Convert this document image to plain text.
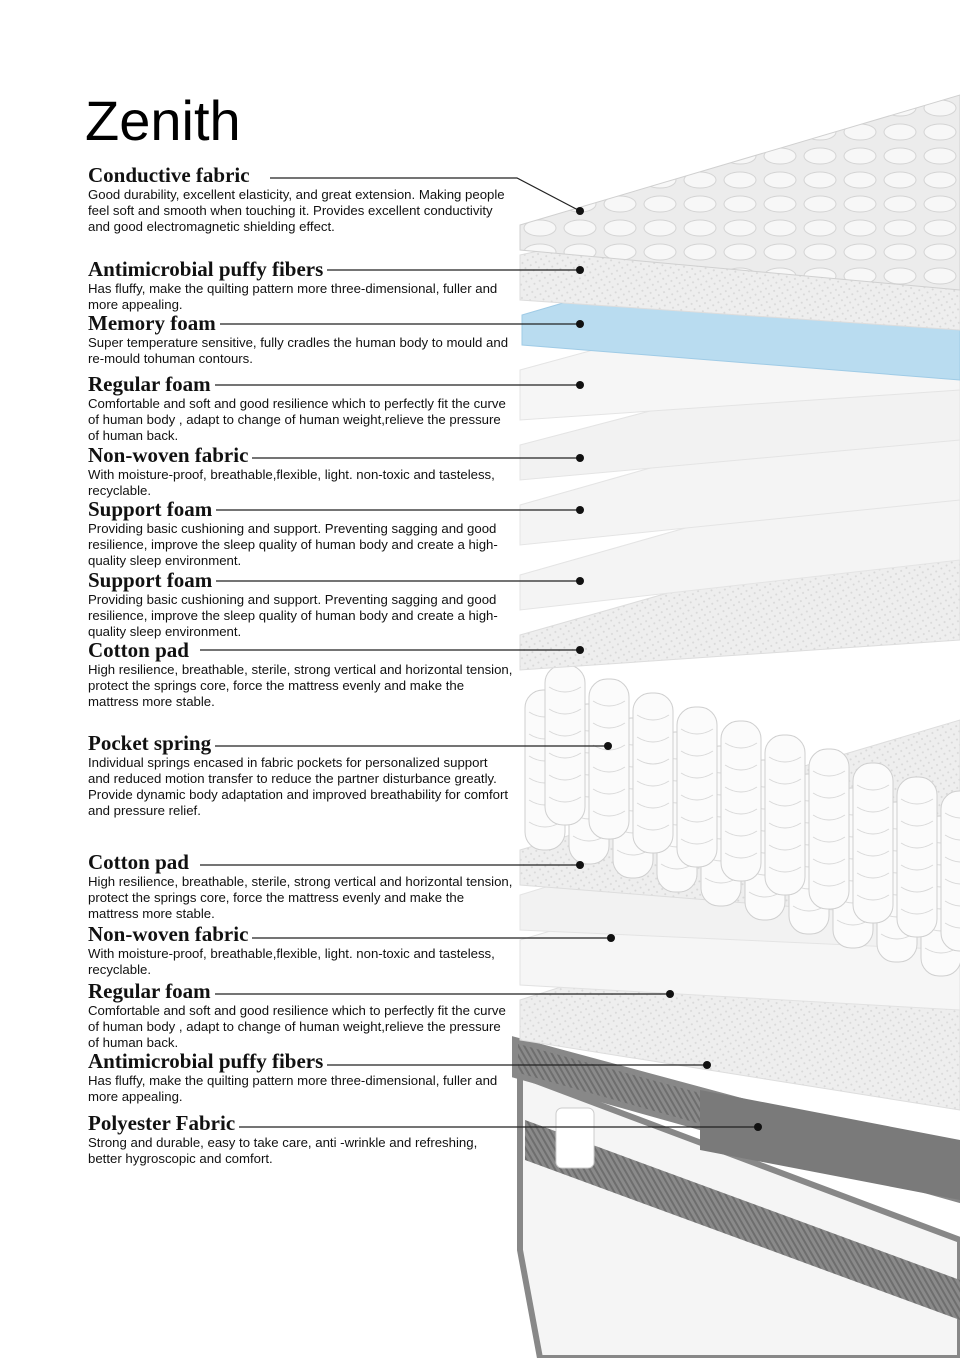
Zenith
Conductive fabric

Good durability, excellent elasticity, and great extension. Making people feel soft and smooth when touching it. Provides excellent conductivity and good electromagnetic shielding effect.

Antimicrobial puffy fibers

Has fluffy, make the quilting pattern more three-dimensional, fuller and more appealing.

Memory foam

Super temperature sensitive, fully cradles the human body to mould and re-mould tohuman contours.

Regular foam

Comfortable and soft and good resilience which to perfectly fit the curve of human body , adapt to change of human weight,relieve the pressure of human back.

Non-woven fabric

With moisture-proof, breathable,flexible, light. non-toxic and tasteless, recyclable.

Support foam

Providing basic cushioning and support. Preventing sagging and good resilience, improve the sleep quality of human body and create a high-quality sleep environment.

Support foam

Providing basic cushioning and support. Preventing sagging and good resilience, improve the sleep quality of human body and create a high-quality sleep environment.

Cotton pad

High resilience, breathable, sterile, strong vertical and horizontal tension, protect the springs core, force the mattress evenly and make the mattress more stable.

Pocket spring

Individual springs encased in fabric pockets for personalized support and reduced motion transfer to reduce the partner disturbance greatly. Provide dynamic body adaptation and improved breathability for comfort and pressure relief.

Cotton pad

High resilience, breathable, sterile, strong vertical and horizontal tension, protect the springs core, force the mattress evenly and make the mattress more stable.

Non-woven fabric

With moisture-proof, breathable,flexible, light. non-toxic and tasteless, recyclable.

Regular foam

Comfortable and soft and good resilience which to perfectly fit the curve of human body , adapt to change of human weight,relieve the pressure of human back.

Antimicrobial puffy fibers

Has fluffy, make the quilting pattern more three-dimensional, fuller and more appealing.

Polyester Fabric

Strong and durable, easy to take care, anti -wrinkle and refreshing, better hygroscopic and comfort.
